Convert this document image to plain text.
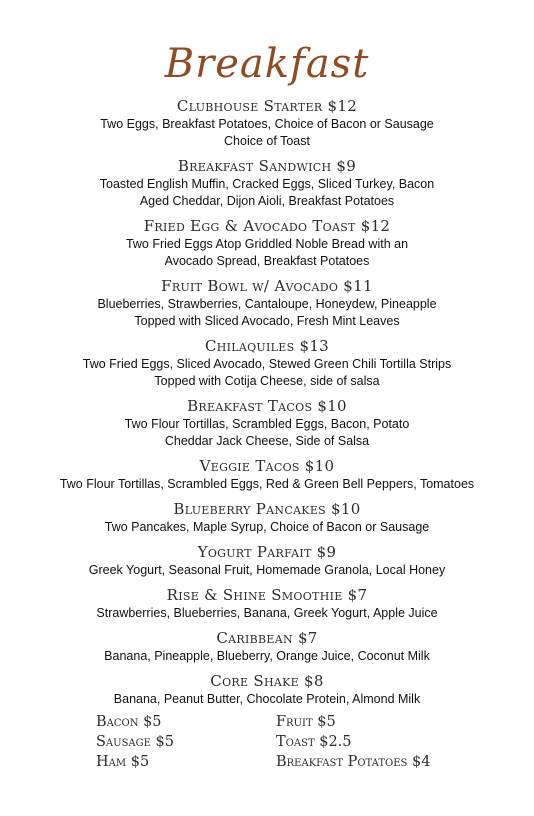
Breakfast
Clubhouse Starter $12
Two Eggs, Breakfast Potatoes, Choice of Bacon or Sausage
Choice of Toast
Breakfast Sandwich $9
Toasted English Muffin, Cracked Eggs, Sliced Turkey, Bacon
Aged Cheddar, Dijon Aioli, Breakfast Potatoes
Fried Egg & Avocado Toast $12
Two Fried Eggs Atop Griddled Noble Bread with an
Avocado Spread, Breakfast Potatoes
Fruit Bowl w/ Avocado $11
Blueberries, Strawberries, Cantaloupe, Honeydew, Pineapple
Topped with Sliced Avocado, Fresh Mint Leaves
Chilaquiles $13
Two Fried Eggs, Sliced Avocado, Stewed Green Chili Tortilla Strips
Topped with Cotija Cheese, side of salsa
Breakfast Tacos $10
Two Flour Tortillas, Scrambled Eggs, Bacon, Potato
Cheddar Jack Cheese, Side of Salsa
Veggie Tacos $10
Two Flour Tortillas, Scrambled Eggs, Red & Green Bell Peppers, Tomatoes
Blueberry Pancakes $10
Two Pancakes, Maple Syrup, Choice of Bacon or Sausage
Yogurt Parfait $9
Greek Yogurt, Seasonal Fruit, Homemade Granola, Local Honey
Rise & Shine Smoothie $7
Strawberries, Blueberries, Banana, Greek Yogurt, Apple Juice
Caribbean $7
Banana, Pineapple, Blueberry, Orange Juice, Coconut Milk
Core Shake $8
Banana, Peanut Butter, Chocolate Protein, Almond Milk
Bacon $5
Sausage $5
Ham $5
Fruit $5
Toast $2.5
Breakfast Potatoes $4
